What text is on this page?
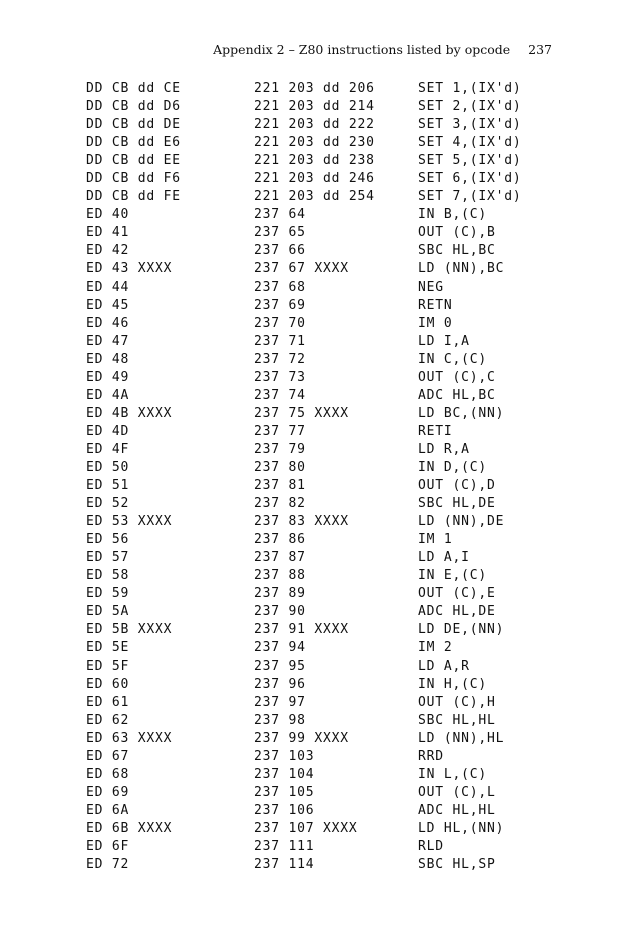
Appendix 2 – Z80 instructions listed by opcode 237
DD CB dd CE	221 203 dd 206	SET 1,(IX'd)
DD CB dd D6	221 203 dd 214	SET 2,(IX'd)
DD CB dd DE	221 203 dd 222	SET 3,(IX'd)
DD CB dd E6	221 203 dd 230	SET 4,(IX'd)
DD CB dd EE	221 203 dd 238	SET 5,(IX'd)
DD CB dd F6	221 203 dd 246	SET 6,(IX'd)
DD CB dd FE	221 203 dd 254	SET 7,(IX'd)
ED 40	237 64	IN B,(C)
ED 41	237 65	OUT (C),B
ED 42	237 66	SBC HL,BC
ED 43 XXXX	237 67 XXXX	LD (NN),BC
ED 44	237 68	NEG
ED 45	237 69	RETN
ED 46	237 70	IM 0
ED 47	237 71	LD I,A
ED 48	237 72	IN C,(C)
ED 49	237 73	OUT (C),C
ED 4A	237 74	ADC HL,BC
ED 4B XXXX	237 75 XXXX	LD BC,(NN)
ED 4D	237 77	RETI
ED 4F	237 79	LD R,A
ED 50	237 80	IN D,(C)
ED 51	237 81	OUT (C),D
ED 52	237 82	SBC HL,DE
ED 53 XXXX	237 83 XXXX	LD (NN),DE
ED 56	237 86	IM 1
ED 57	237 87	LD A,I
ED 58	237 88	IN E,(C)
ED 59	237 89	OUT (C),E
ED 5A	237 90	ADC HL,DE
ED 5B XXXX	237 91 XXXX	LD DE,(NN)
ED 5E	237 94	IM 2
ED 5F	237 95	LD A,R
ED 60	237 96	IN H,(C)
ED 61	237 97	OUT (C),H
ED 62	237 98	SBC HL,HL
ED 63 XXXX	237 99 XXXX	LD (NN),HL
ED 67	237 103	RRD
ED 68	237 104	IN L,(C)
ED 69	237 105	OUT (C),L
ED 6A	237 106	ADC HL,HL
ED 6B XXXX	237 107 XXXX	LD HL,(NN)
ED 6F	237 111	RLD
ED 72	237 114	SBC HL,SP
